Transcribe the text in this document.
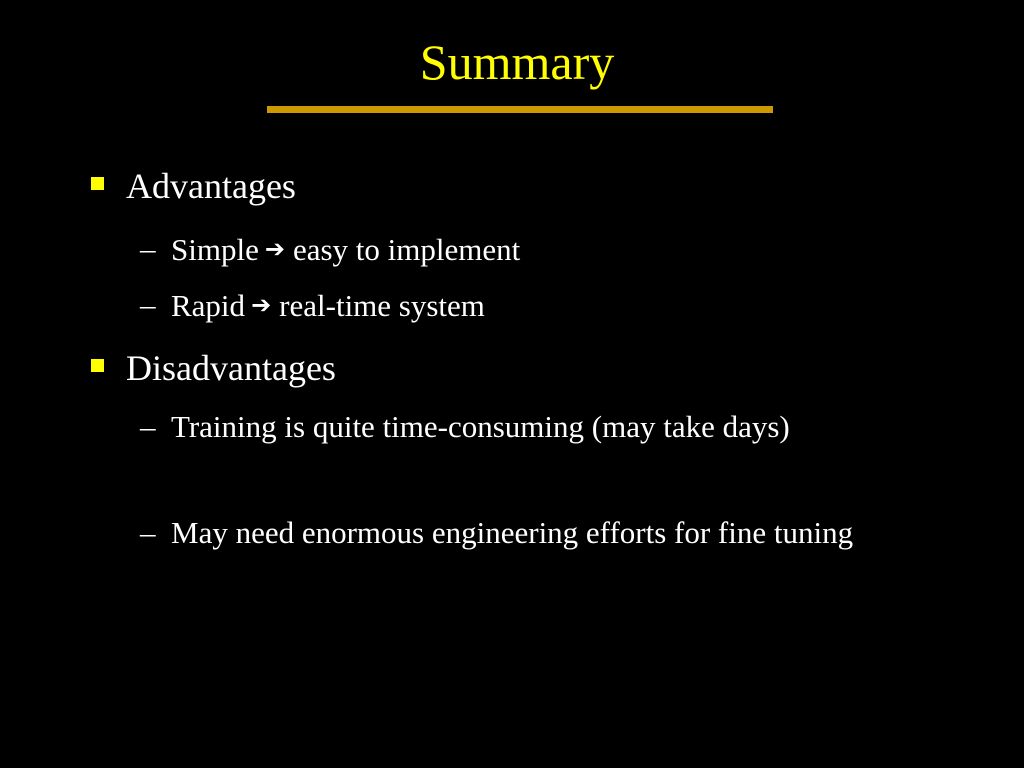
Summary
Advantages
– Simple ➔ easy to implement
– Rapid ➔ real-time system
Disadvantages
– Training is quite time-consuming (may take days)
– May need enormous engineering efforts for fine tuning
